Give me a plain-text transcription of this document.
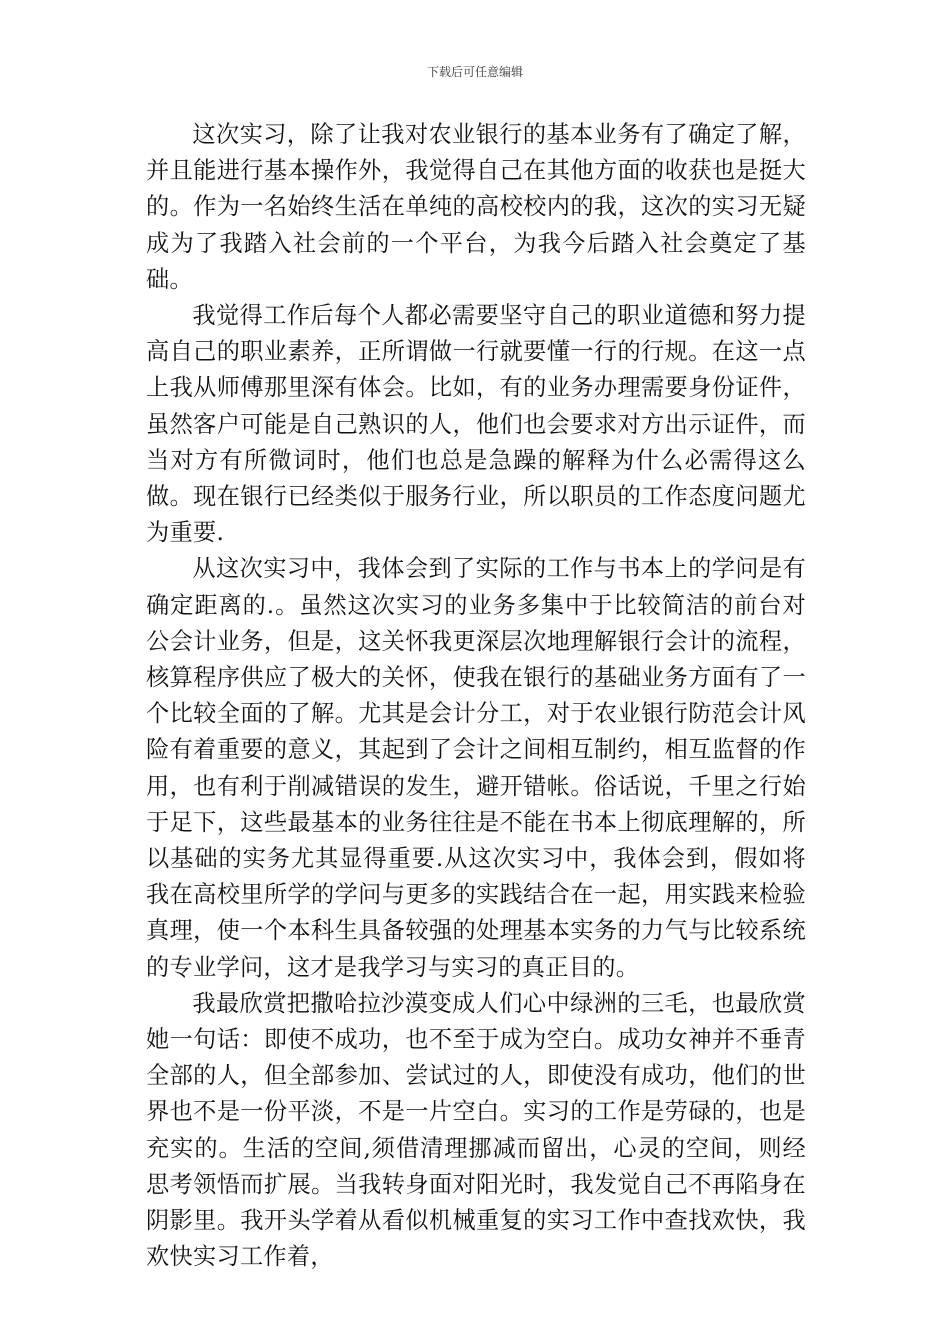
下载后可任意编辑

这次实习，除了让我对农业银行的基本业务有了确定了解，并且能进行基本操作外，我觉得自己在其他方面的收获也是挺大的。作为一名始终生活在单纯的高校校内的我，这次的实习无疑成为了我踏入社会前的一个平台，为我今后踏入社会奠定了基础。

我觉得工作后每个人都必需要坚守自己的职业道德和努力提高自己的职业素养，正所谓做一行就要懂一行的行规。在这一点上我从师傅那里深有体会。比如，有的业务办理需要身份证件，虽然客户可能是自己熟识的人，他们也会要求对方出示证件，而当对方有所微词时，他们也总是急躁的解释为什么必需得这么做。现在银行已经类似于服务行业，所以职员的工作态度问题尤为重要.

从这次实习中，我体会到了实际的工作与书本上的学问是有确定距离的.。虽然这次实习的业务多集中于比较简洁的前台对公会计业务，但是，这关怀我更深层次地理解银行会计的流程，核算程序供应了极大的关怀，使我在银行的基础业务方面有了一个比较全面的了解。尤其是会计分工，对于农业银行防范会计风险有着重要的意义，其起到了会计之间相互制约，相互监督的作用，也有利于削减错误的发生，避开错帐。俗话说，千里之行始于足下，这些最基本的业务往往是不能在书本上彻底理解的，所以基础的实务尤其显得重要.从这次实习中，我体会到，假如将我在高校里所学的学问与更多的实践结合在一起，用实践来检验真理，使一个本科生具备较强的处理基本实务的力气与比较系统的专业学问，这才是我学习与实习的真正目的。

我最欣赏把撒哈拉沙漠变成人们心中绿洲的三毛，也最欣赏她一句话：即使不成功，也不至于成为空白。成功女神并不垂青全部的人，但全部参加、尝试过的人，即使没有成功，他们的世界也不是一份平淡，不是一片空白。实习的工作是劳碌的，也是充实的。生活的空间,须借清理挪减而留出，心灵的空间，则经思考领悟而扩展。当我转身面对阳光时，我发觉自己不再陷身在阴影里。我开头学着从看似机械重复的实习工作中查找欢快，我欢快实习工作着，
